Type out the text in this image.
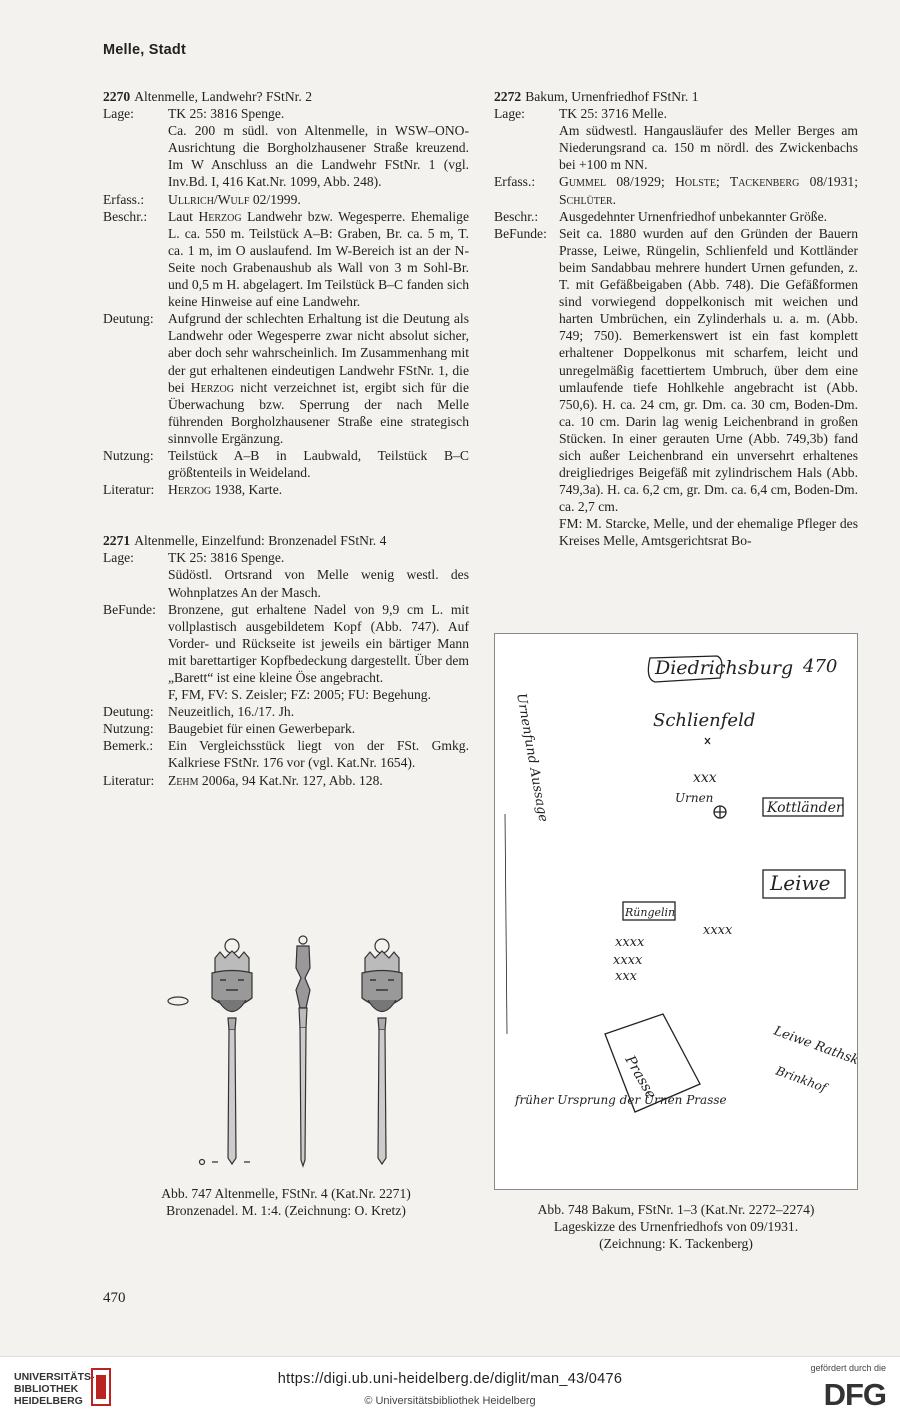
Melle, Stadt

2270 Altenmelle, Landwehr? FStNr. 2

Lage:	TK 25: 3816 Spenge.
Ca. 200 m südl. von Altenmelle, in WSW–ONO-Ausrichtung die Borgholzhausener Straße kreuzend. Im W Anschluss an die Landwehr FStNr. 1 (vgl. Inv.Bd. I, 416 Kat.Nr. 1099, Abb. 248).
Erfass.:	Ullrich/Wulf 02/1999.
Beschr.:	Laut Herzog Landwehr bzw. Wegesperre. Ehemalige L. ca. 550 m. Teilstück A–B: Graben, Br. ca. 5 m, T. ca. 1 m, im O auslaufend. Im W-Bereich ist an der N-Seite noch Grabenaushub als Wall von 3 m Sohl-Br. und 0,5 m H. abgelagert. Im Teilstück B–C fanden sich keine Hinweise auf eine Landwehr.
Deutung:	Aufgrund der schlechten Erhaltung ist die Deutung als Landwehr oder Wegesperre zwar nicht absolut sicher, aber doch sehr wahrscheinlich. Im Zusammenhang mit der gut erhaltenen eindeutigen Landwehr FStNr. 1, die bei Herzog nicht verzeichnet ist, ergibt sich für die Überwachung bzw. Sperrung der nach Melle führenden Borgholzhausener Straße eine strategisch sinnvolle Ergänzung.
Nutzung:	Teilstück A–B in Laubwald, Teilstück B–C größtenteils in Weideland.
Literatur:	Herzog 1938, Karte.

2271 Altenmelle, Einzelfund: Bronzenadel FStNr. 4

Lage:	TK 25: 3816 Spenge.
Südöstl. Ortsrand von Melle wenig westl. des Wohnplatzes An der Masch.
BeFunde: Bronzene, gut erhaltene Nadel von 9,9 cm L. mit vollplastisch ausgebildetem Kopf (Abb. 747). Auf Vorder- und Rückseite ist jeweils ein bärtiger Mann mit barettartiger Kopfbedeckung dargestellt. Über dem „Barett“ ist eine kleine Öse angebracht.
F, FM, FV: S. Zeisler; FZ: 2005; FU: Begehung.
Deutung:	Neuzeitlich, 16./17. Jh.
Nutzung:	Baugebiet für einen Gewerbepark.
Bemerk.:	Ein Vergleichsstück liegt von der FSt. Gmkg. Kalkriese FStNr. 176 vor (vgl. Kat.Nr. 1654).
Literatur:	Zehm 2006a, 94 Kat.Nr. 127, Abb. 128.
Abb. 747 Altenmelle, FStNr. 4 (Kat.Nr. 2271)
Bronzenadel. M. 1:4. (Zeichnung: O. Kretz)

2272 Bakum, Urnenfriedhof FStNr. 1

Lage:	TK 25: 3716 Melle.
Am südwestl. Hangausläufer des Meller Berges am Niederungsrand ca. 150 m nördl. des Zwickenbachs bei +100 m NN.
Erfass.:	Gummel 08/1929; Holste; Tackenberg 08/1931; Schlüter.
Beschr.:	Ausgedehnter Urnenfriedhof unbekannter Größe.
BeFunde: Seit ca. 1880 wurden auf den Gründen der Bauern Prasse, Leiwe, Rüngelin, Schlienfeld und Kottländer beim Sandabbau mehrere hundert Urnen gefunden, z. T. mit Gefäßbeigaben (Abb. 748). Die Gefäßformen sind vorwiegend doppelkonisch mit weichen und harten Umbrüchen, ein Zylinderhals u. a. m. (Abb. 749; 750). Bemerkenswert ist ein fast komplett erhaltener Doppelkonus mit scharfem, leicht und unregelmäßig facettiertem Umbruch, über dem eine umlaufende tiefe Hohlkehle angebracht ist (Abb. 750,6). H. ca. 24 cm, gr. Dm. ca. 30 cm, Boden-Dm. ca. 10 cm. Darin lag wenig Leichenbrand in großen Stücken. In einer gerauten Urne (Abb. 749,3b) fand sich außer Leichenbrand ein unversehrt erhaltenes dreigliedriges Beigefäß mit zylindrischem Hals (Abb. 749,3a). H. ca. 6,2 cm, gr. Dm. ca. 6,4 cm, Boden-Dm. ca. 2,7 cm.
FM: M. Starcke, Melle, und der ehemalige Pfleger des Kreises Melle, Amtsgerichtsrat Bo-
Diedrichsburg 470
Schlienfeld
xxx
Urnen
Kottländer
Leiwe
Rüngelin
xxxx
xxxx
xxxx
xxx
Leiwe Rathskopf
Brinkhof
Prasse
Urnenfund Aussage
früher Ursprung der Urnen Prasse
Abb. 748 Bakum, FStNr. 1–3 (Kat.Nr. 2272–2274)
Lageskizze des Urnenfriedhofs von 09/1931.
(Zeichnung: K. Tackenberg)
470
UNIVERSITÄTS-
BIBLIOTHEK
HEIDELBERG
https://digi.ub.uni-heidelberg.de/diglit/man_43/0476
© Universitätsbibliothek Heidelberg
gefördert durch die
DFG
